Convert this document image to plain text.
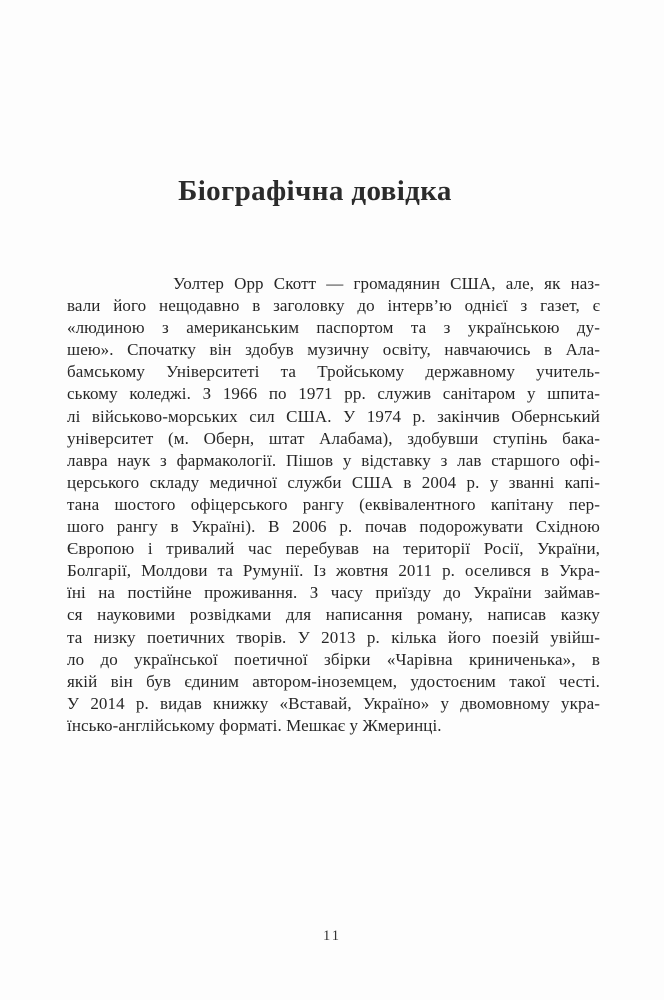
Біографічна довідка
Уолтер Орр Скотт — громадянин США, але, як наз-
вали його нещодавно в заголовку до інтерв’ю однієї з газет, є
«людиною з американським паспортом та з українською ду-
шею». Спочатку він здобув музичну освіту, навчаючись в Ала-
бамському Університеті та Тройському державному учитель-
ському коледжі. З 1966 по 1971 рр. служив санітаром у шпита-
лі військово-морських сил США. У 1974 р. закінчив Обернський
університет (м. Оберн, штат Алабама), здобувши ступінь бака-
лавра наук з фармакології. Пішов у відставку з лав старшого офі-
церського складу медичної служби США в 2004 р. у званні капі-
тана шостого офіцерського рангу (еквівалентного капітану пер-
шого рангу в Україні). В 2006 р. почав подорожувати Східною
Європою і тривалий час перебував на території Росії, України,
Болгарії, Молдови та Румунії. Із жовтня 2011 р. оселився в Укра-
їні на постійне проживання. З часу приїзду до України займав-
ся науковими розвідками для написання роману, написав казку
та низку поетичних творів. У 2013 р. кілька його поезій увійш-
ло до української поетичної збірки «Чарівна криниченька», в
якій він був єдиним автором-іноземцем, удостоєним такої честі.
У 2014 р. видав книжку «Вставай, Україно» у двомовному укра-
їнсько-англійському форматі. Мешкає у Жмеринці.
11
